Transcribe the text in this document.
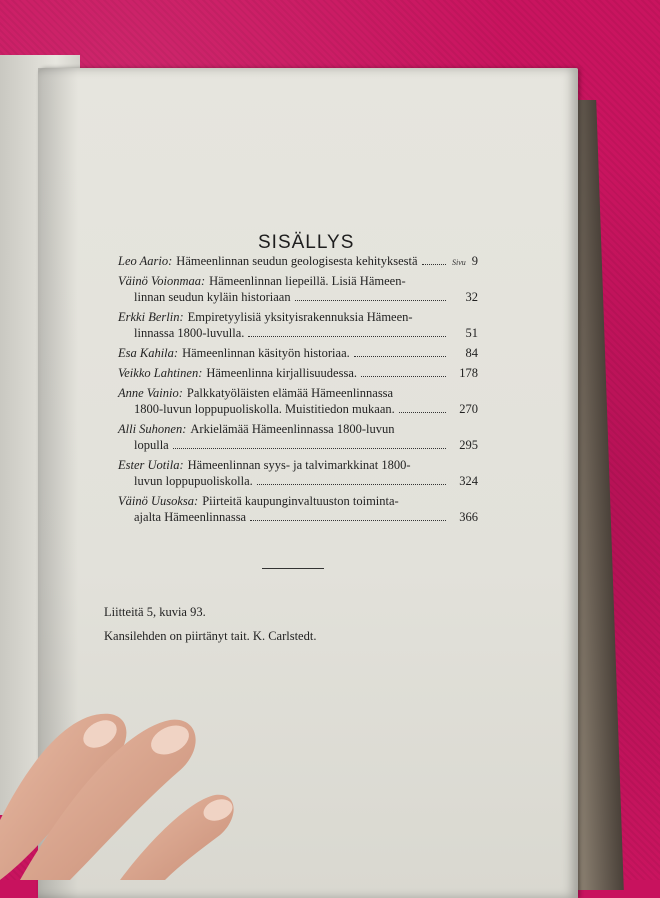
SISÄLLYS
Sivu
Leo Aario: Hämeenlinnan seudun geologisesta kehityksestä	9
Väinö Voionmaa: Hämeenlinnan liepeillä. Lisiä Hämeen-
linnan seudun kyläin historiaan	32
Erkki Berlin: Empiretyylisiä yksityisrakennuksia Hämeen-
linnassa 1800-luvulla.	51
Esa Kahila: Hämeenlinnan käsityön historiaa.	84
Veikko Lahtinen: Hämeenlinna kirjallisuudessa.	178
Anne Vainio: Palkkatyöläisten elämää Hämeenlinnassa
1800-luvun loppupuoliskolla. Muistitiedon mukaan.	270
Alli Suhonen: Arkielämää Hämeenlinnassa 1800-luvun
lopulla	295
Ester Uotila: Hämeenlinnan syys- ja talvimarkkinat 1800-
luvun loppupuoliskolla.	324
Väinö Uusoksa: Piirteitä kaupunginvaltuuston toiminta-
ajalta Hämeenlinnassa	366
Liitteitä 5, kuvia 93.
Kansilehden on piirtänyt tait. K. Carlstedt.
